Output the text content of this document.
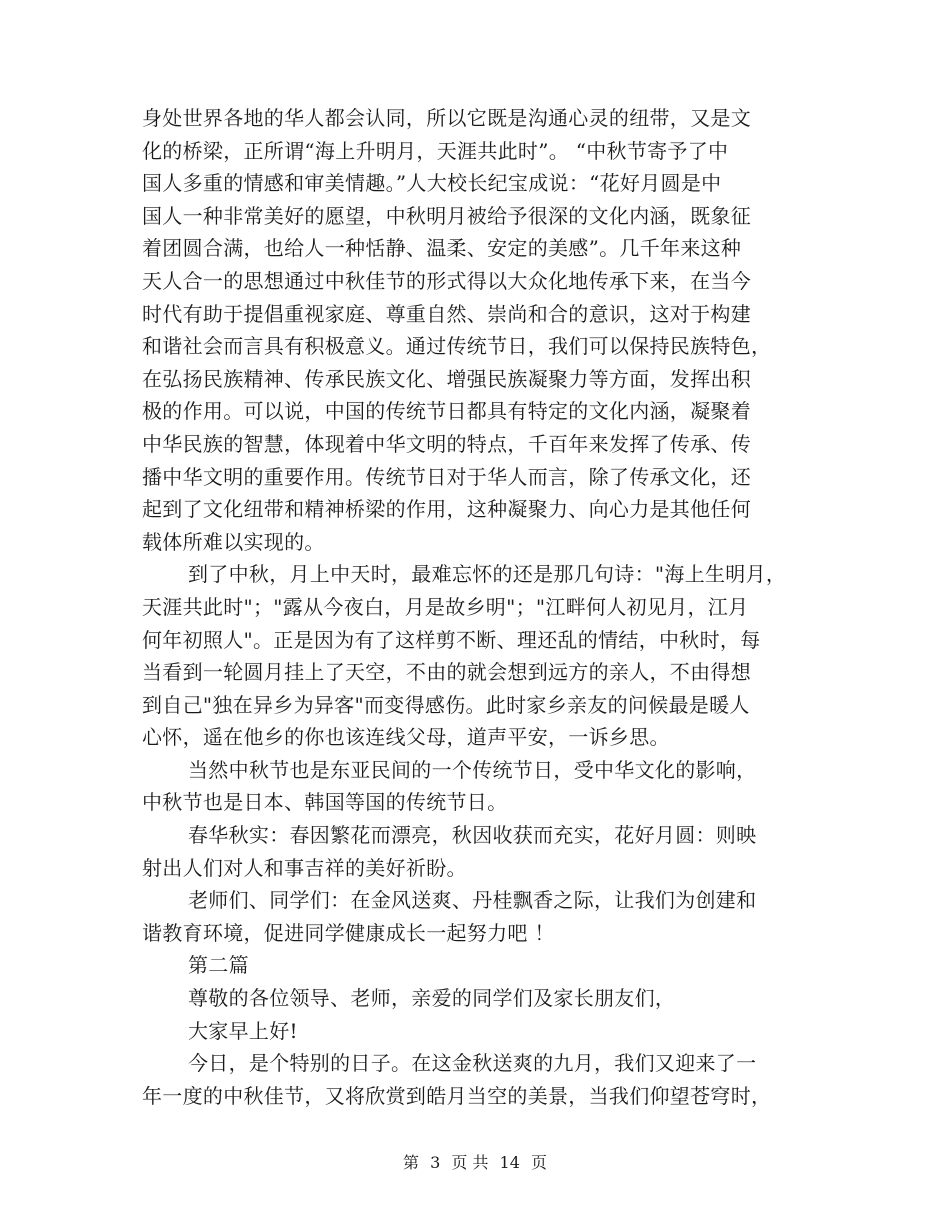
身处世界各地的华人都会认同，所以它既是沟通心灵的纽带，又是文
化的桥梁，正所谓“海上升明月，天涯共此时”。 “中秋节寄予了中
国人多重的情感和审美情趣。”人大校长纪宝成说：“花好月圆是中
国人一种非常美好的愿望，中秋明月被给予很深的文化内涵，既象征
着团圆合满，也给人一种恬静、温柔、安定的美感”。几千年来这种
天人合一的思想通过中秋佳节的形式得以大众化地传承下来，在当今
时代有助于提倡重视家庭、尊重自然、崇尚和合的意识，这对于构建
和谐社会而言具有积极意义。通过传统节日，我们可以保持民族特色，
在弘扬民族精神、传承民族文化、增强民族凝聚力等方面，发挥出积
极的作用。可以说，中国的传统节日都具有特定的文化内涵，凝聚着
中华民族的智慧，体现着中华文明的特点，千百年来发挥了传承、传
播中华文明的重要作用。传统节日对于华人而言，除了传承文化，还
起到了文化纽带和精神桥梁的作用，这种凝聚力、向心力是其他任何
载体所难以实现的。
到了中秋，月上中天时，最难忘怀的还是那几句诗："海上生明月，
天涯共此时"；"露从今夜白，月是故乡明"；"江畔何人初见月，江月
何年初照人"。正是因为有了这样剪不断、理还乱的情结，中秋时，每
当看到一轮圆月挂上了天空，不由的就会想到远方的亲人，不由得想
到自己"独在异乡为异客"而变得感伤。此时家乡亲友的问候最是暖人
心怀，遥在他乡的你也该连线父母，道声平安，一诉乡思。
当然中秋节也是东亚民间的一个传统节日，受中华文化的影响，
中秋节也是日本、韩国等国的传统节日。
春华秋实：春因繁花而漂亮，秋因收获而充实，花好月圆：则映
射出人们对人和事吉祥的美好祈盼。
老师们、同学们：在金风送爽、丹桂飘香之际，让我们为创建和
谐教育环境，促进同学健康成长一起努力吧 ！
第二篇
尊敬的各位领导、老师，亲爱的同学们及家长朋友们，
大家早上好!
今日，是个特别的日子。在这金秋送爽的九月，我们又迎来了一
年一度的中秋佳节，又将欣赏到皓月当空的美景，当我们仰望苍穹时，
第 3 页 共 14 页
